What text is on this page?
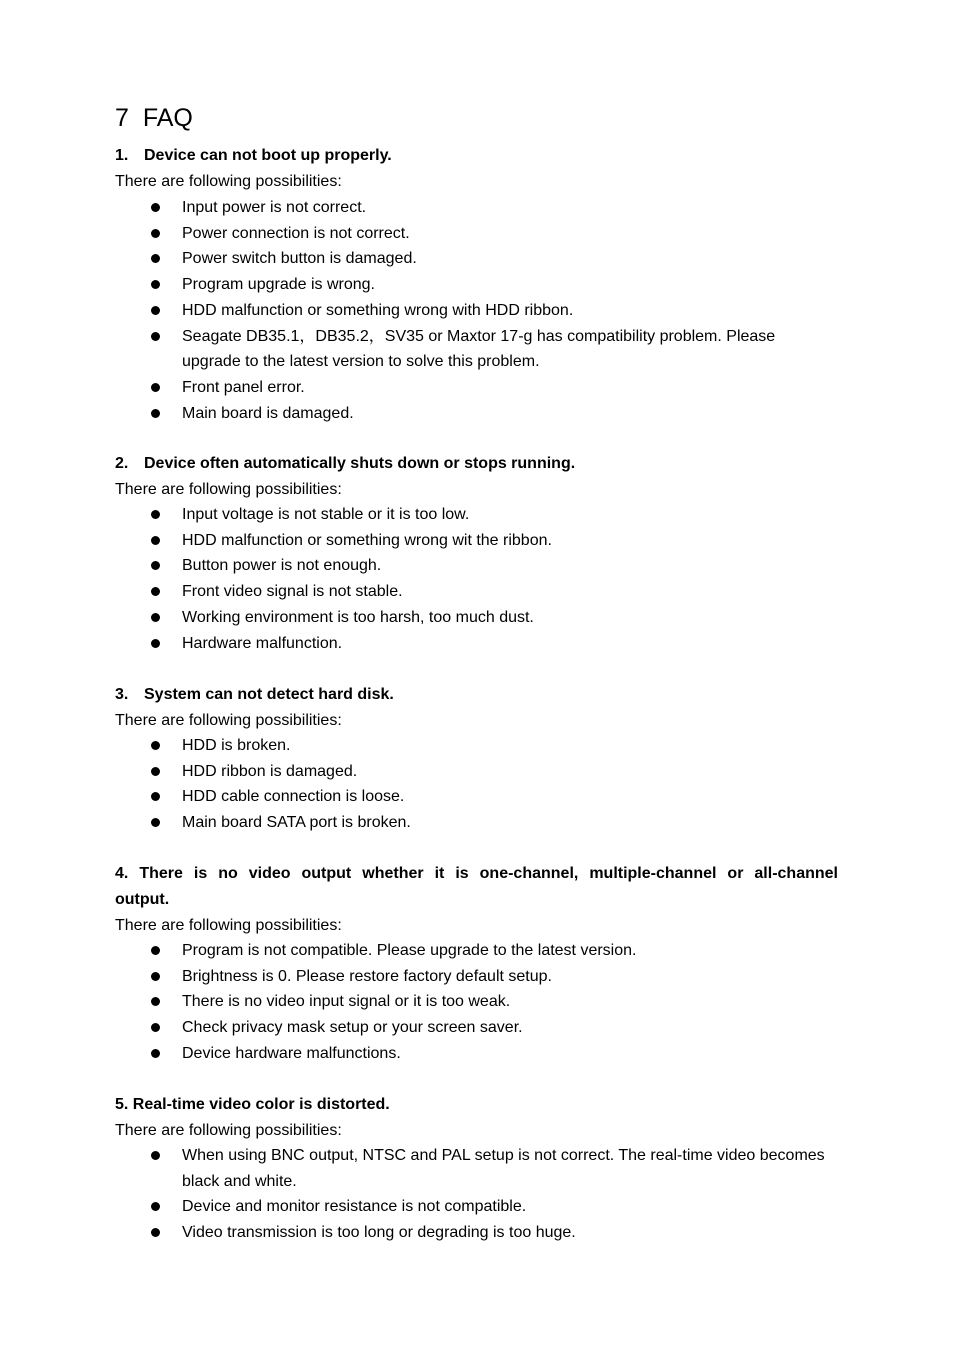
7 FAQ
1. Device can not boot up properly.

There are following possibilities:

Input power is not correct.
Power connection is not correct.
Power switch button is damaged.
Program upgrade is wrong.
HDD malfunction or something wrong with HDD ribbon.
Seagate DB35.1，DB35.2，SV35 or Maxtor 17-g has compatibility problem. Please upgrade to the latest version to solve this problem.
Front panel error.
Main board is damaged.
2. Device often automatically shuts down or stops running.

There are following possibilities:

Input voltage is not stable or it is too low.
HDD malfunction or something wrong wit the ribbon.
Button power is not enough.
Front video signal is not stable.
Working environment is too harsh, too much dust.
Hardware malfunction.
3. System can not detect hard disk.

There are following possibilities:

HDD is broken.
HDD ribbon is damaged.
HDD cable connection is loose.
Main board SATA port is broken.
4. There is no video output whether it is one-channel, multiple-channel or all-channel
output.

There are following possibilities:

Program is not compatible. Please upgrade to the latest version.
Brightness is 0. Please restore factory default setup.
There is no video input signal or it is too weak.
Check privacy mask setup or your screen saver.
Device hardware malfunctions.
5. Real-time video color is distorted.

There are following possibilities:

When using BNC output, NTSC and PAL setup is not correct. The real-time video becomes black and white.
Device and monitor resistance is not compatible.
Video transmission is too long or degrading is too huge.
